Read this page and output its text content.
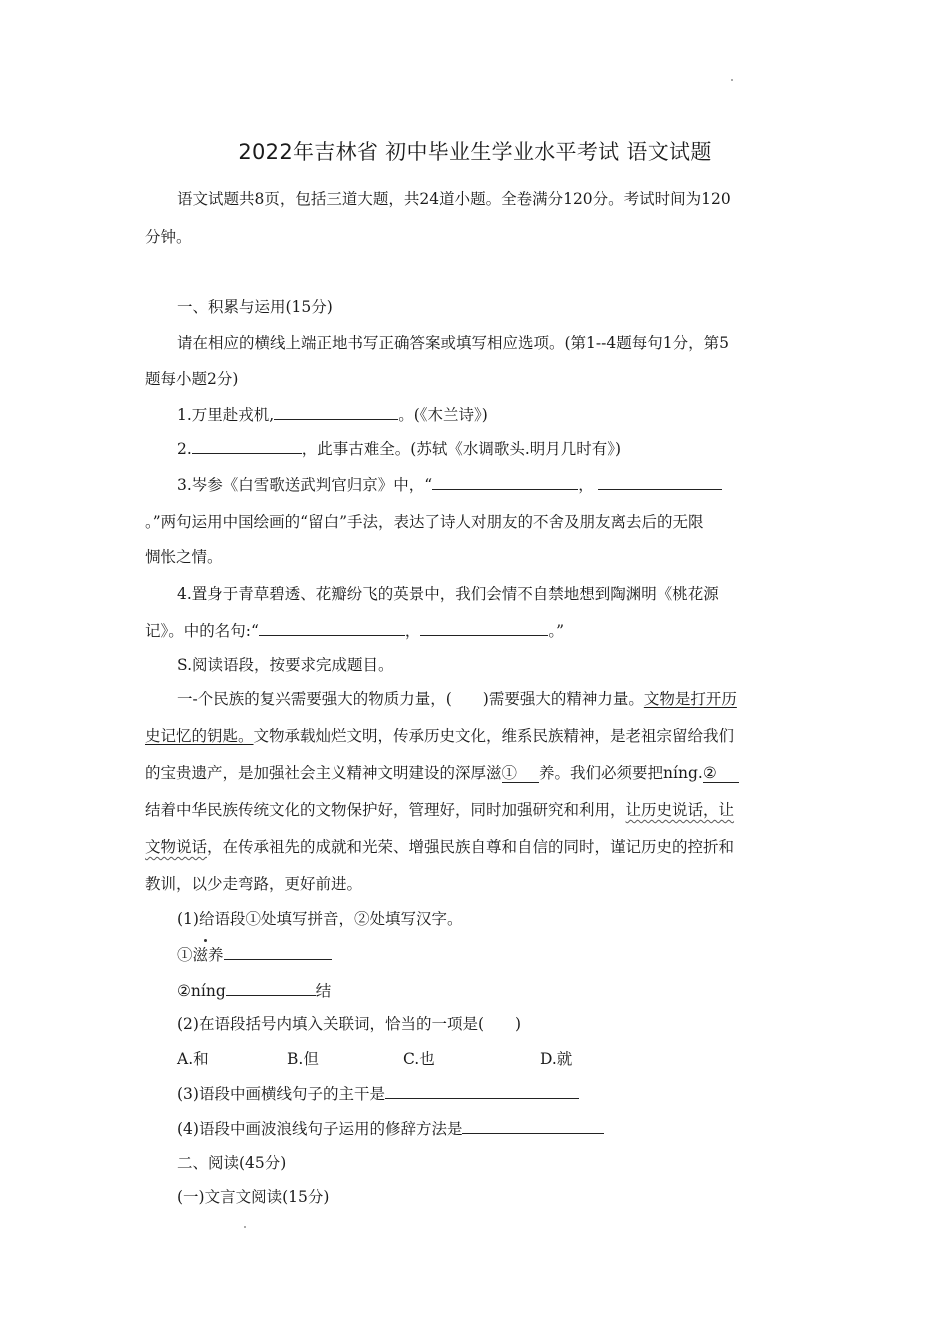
2022年吉林省 初中毕业生学业水平考试 语文试题
语文试题共8页，包括三道大题，共24道小题。全卷满分120分。考试时间为120
分钟。
一、积累与运用(15分)
请在相应的横线上端正地书写正确答案或填写相应选项。(第1--4题每句1分，第5
题每小题2分)
1.万里赴戎机,	。(《木兰诗》)
2.	，此事古难全。(苏轼《水调歌头.明月几时有》)
3.岑参《白雪歌送武判官归京》中，“	，
。”两句运用中国绘画的“留白”手法，表达了诗人对朋友的不舍及朋友离去后的无限
惆怅之情。
4.置身于青草碧透、花瓣纷飞的英景中，我们会情不自禁地想到陶渊明《桃花源
记》。中的名句:“	，	。”
S.阅读语段，按要求完成题目。
一-个民族的复兴需要强大的物质力量，(　　)需要强大的精神力量。文物是打开历
史记忆的钥匙。文物承载灿烂文明，传承历史文化，维系民族精神，是老祖宗留给我们
的宝贵遗产，是加强社会主义精神文明建设的深厚滋① 养。我们必须要把níng.②
结着中华民族传统文化的文物保护好，管理好，同时加强研究和利用，让历史说话，让
文物说话，在传承祖先的成就和光荣、增强民族自尊和自信的同时，谨记历史的控折和
教训，以少走弯路，更好前进。
(1)给语段①处填写拼音，②处填写汉字。
①滋养
②níng	结
(2)在语段括号内填入关联词，恰当的一项是(　　)
A.和	B.但	C.也	D.就
(3)语段中画横线句子的主干是
(4)语段中画波浪线句子运用的修辞方法是
二、阅读(45分)
(一)文言文阅读(15分)
